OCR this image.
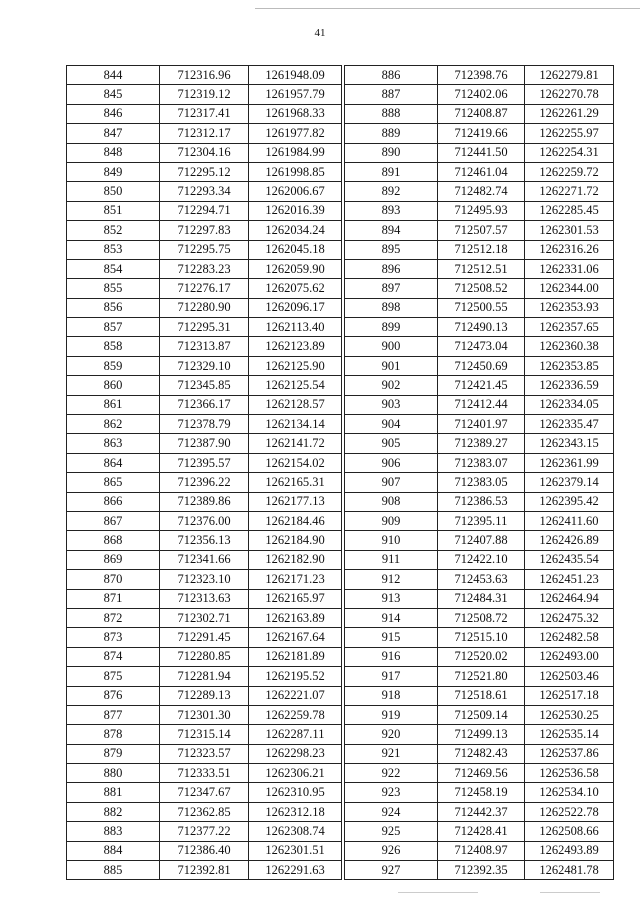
41
844	712316.96	1261948.09
845	712319.12	1261957.79
846	712317.41	1261968.33
847	712312.17	1261977.82
848	712304.16	1261984.99
849	712295.12	1261998.85
850	712293.34	1262006.67
851	712294.71	1262016.39
852	712297.83	1262034.24
853	712295.75	1262045.18
854	712283.23	1262059.90
855	712276.17	1262075.62
856	712280.90	1262096.17
857	712295.31	1262113.40
858	712313.87	1262123.89
859	712329.10	1262125.90
860	712345.85	1262125.54
861	712366.17	1262128.57
862	712378.79	1262134.14
863	712387.90	1262141.72
864	712395.57	1262154.02
865	712396.22	1262165.31
866	712389.86	1262177.13
867	712376.00	1262184.46
868	712356.13	1262184.90
869	712341.66	1262182.90
870	712323.10	1262171.23
871	712313.63	1262165.97
872	712302.71	1262163.89
873	712291.45	1262167.64
874	712280.85	1262181.89
875	712281.94	1262195.52
876	712289.13	1262221.07
877	712301.30	1262259.78
878	712315.14	1262287.11
879	712323.57	1262298.23
880	712333.51	1262306.21
881	712347.67	1262310.95
882	712362.85	1262312.18
883	712377.22	1262308.74
884	712386.40	1262301.51
885	712392.81	1262291.63
886	712398.76	1262279.81
887	712402.06	1262270.78
888	712408.87	1262261.29
889	712419.66	1262255.97
890	712441.50	1262254.31
891	712461.04	1262259.72
892	712482.74	1262271.72
893	712495.93	1262285.45
894	712507.57	1262301.53
895	712512.18	1262316.26
896	712512.51	1262331.06
897	712508.52	1262344.00
898	712500.55	1262353.93
899	712490.13	1262357.65
900	712473.04	1262360.38
901	712450.69	1262353.85
902	712421.45	1262336.59
903	712412.44	1262334.05
904	712401.97	1262335.47
905	712389.27	1262343.15
906	712383.07	1262361.99
907	712383.05	1262379.14
908	712386.53	1262395.42
909	712395.11	1262411.60
910	712407.88	1262426.89
911	712422.10	1262435.54
912	712453.63	1262451.23
913	712484.31	1262464.94
914	712508.72	1262475.32
915	712515.10	1262482.58
916	712520.02	1262493.00
917	712521.80	1262503.46
918	712518.61	1262517.18
919	712509.14	1262530.25
920	712499.13	1262535.14
921	712482.43	1262537.86
922	712469.56	1262536.58
923	712458.19	1262534.10
924	712442.37	1262522.78
925	712428.41	1262508.66
926	712408.97	1262493.89
927	712392.35	1262481.78
